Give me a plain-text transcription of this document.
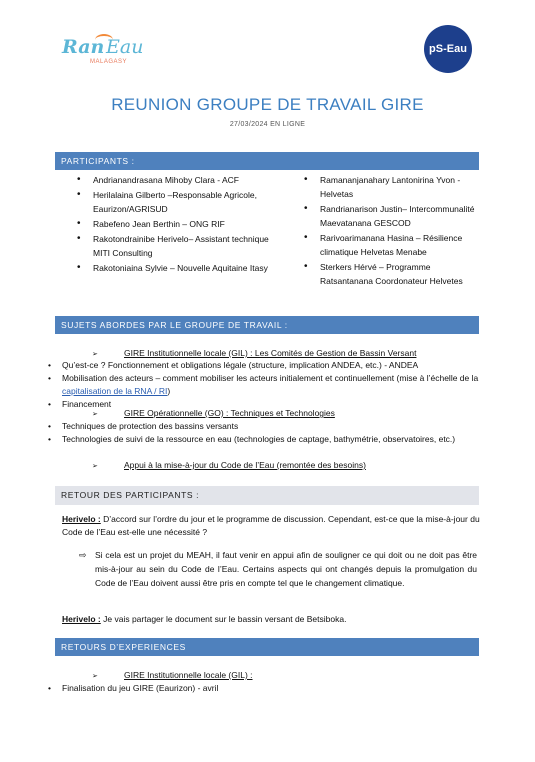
Ran Eau
MALAGASY
pS-Eau
REUNION GROUPE DE TRAVAIL GIRE
27/03/2024 EN LIGNE
PARTICIPANTS :
• Andrianandrasana Mihoby Clara - ACF
• Herilalaina Gilberto –Responsable Agricole, Eaurizon/AGRISUD
• Rabefeno Jean Berthin – ONG RIF
• Rakotondrainibe Herivelo– Assistant technique MITI Consulting
• Rakotoniaina Sylvie – Nouvelle Aquitaine Itasy
• Ramananjanahary Lantonirina Yvon - Helvetas
• Randrianarison Justin– Intercommunalité Maevatanana GESCOD
• Rarivoarimanana Hasina – Résilience climatique Helvetas Menabe
• Sterkers Hérvé – Programme Ratsantanana Coordonateur Helvetes
SUJETS ABORDES PAR LE GROUPE DE TRAVAIL :
➢	GIRE Institutionnelle locale (GIL) : Les Comités de Gestion de Bassin Versant
• Qu’est-ce ? Fonctionnement et obligations légale (structure, implication ANDEA, etc.) - ANDEA
• Mobilisation des acteurs – comment mobiliser les acteurs initialement et continuellement (mise à l’échelle de la capitalisation de la RNA / RI)
• Financement
➢	GIRE Opérationnelle (GO) : Techniques et Technologies
• Techniques de protection des bassins versants
• Technologies de suivi de la ressource en eau (technologies de captage, bathymétrie, observatoires, etc.)
➢	Appui à la mise-à-jour du Code de l’Eau (remontée des besoins)
RETOUR DES PARTICIPANTS :
Herivelo : D’accord sur l’ordre du jour et le programme de discussion. Cependant, est-ce que la mise-à-jour du Code de l’Eau est-elle une nécessité ?
⇨ Si cela est un projet du MEAH, il faut venir en appui afin de souligner ce qui doit ou ne doit pas être mis-à-jour au sein du Code de l’Eau. Certains aspects qui ont changés depuis la promulgation du Code de l’Eau doivent aussi être pris en compte tel que le changement climatique.
Herivelo : Je vais partager le document sur le bassin versant de Betsiboka.
RETOURS D’EXPERIENCES
➢	GIRE Institutionnelle locale (GIL) :
• Finalisation du jeu GIRE (Eaurizon) - avril
